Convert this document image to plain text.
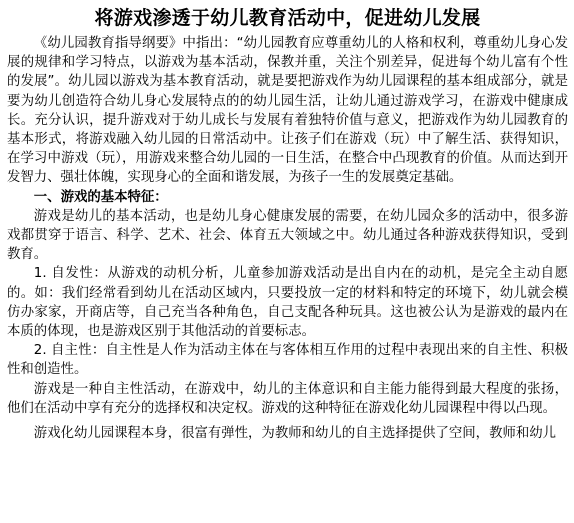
将游戏渗透于幼儿教育活动中，促进幼儿发展

《幼儿园教育指导纲要》中指出：“幼儿园教育应尊重幼儿的人格和权利，尊重幼儿身心发展的规律和学习特点，以游戏为基本活动，保教并重，关注个别差异，促进每个幼儿富有个性的发展”。幼儿园以游戏为基本教育活动，就是要把游戏作为幼儿园课程的基本组成部分，就是要为幼儿创造符合幼儿身心发展特点的的幼儿园生活，让幼儿通过游戏学习，在游戏中健康成长。充分认识，提升游戏对于幼儿成长与发展有着独特价值与意义，把游戏作为幼儿园教育的基本形式，将游戏融入幼儿园的日常活动中。让孩子们在游戏（玩）中了解生活、获得知识，在学习中游戏（玩），用游戏来整合幼儿园的一日生活，在整合中凸现教育的价值。从而达到开发智力、强壮体魄，实现身心的全面和谐发展，为孩子一生的发展奠定基础。

一、游戏的基本特征：

游戏是幼儿的基本活动，也是幼儿身心健康发展的需要，在幼儿园众多的活动中，很多游戏都贯穿于语言、科学、艺术、社会、体育五大领域之中。幼儿通过各种游戏获得知识，受到教育。

1. 自发性：从游戏的动机分析，儿童参加游戏活动是出自内在的动机，是完全主动自愿的。如：我们经常看到幼儿在活动区域内，只要投放一定的材料和特定的环境下，幼儿就会模仿办家家，开商店等，自己充当各种角色，自己支配各种玩具。这也被公认为是游戏的最内在本质的体现，也是游戏区别于其他活动的首要标志。

2. 自主性：自主性是人作为活动主体在与客体相互作用的过程中表现出来的自主性、积极性和创造性。

游戏是一种自主性活动，在游戏中，幼儿的主体意识和自主能力能得到最大程度的张扬，他们在活动中享有充分的选择权和决定权。游戏的这种特征在游戏化幼儿园课程中得以凸现。

游戏化幼儿园课程本身，很富有弹性，为教师和幼儿的自主选择提供了空间，教师和幼儿
